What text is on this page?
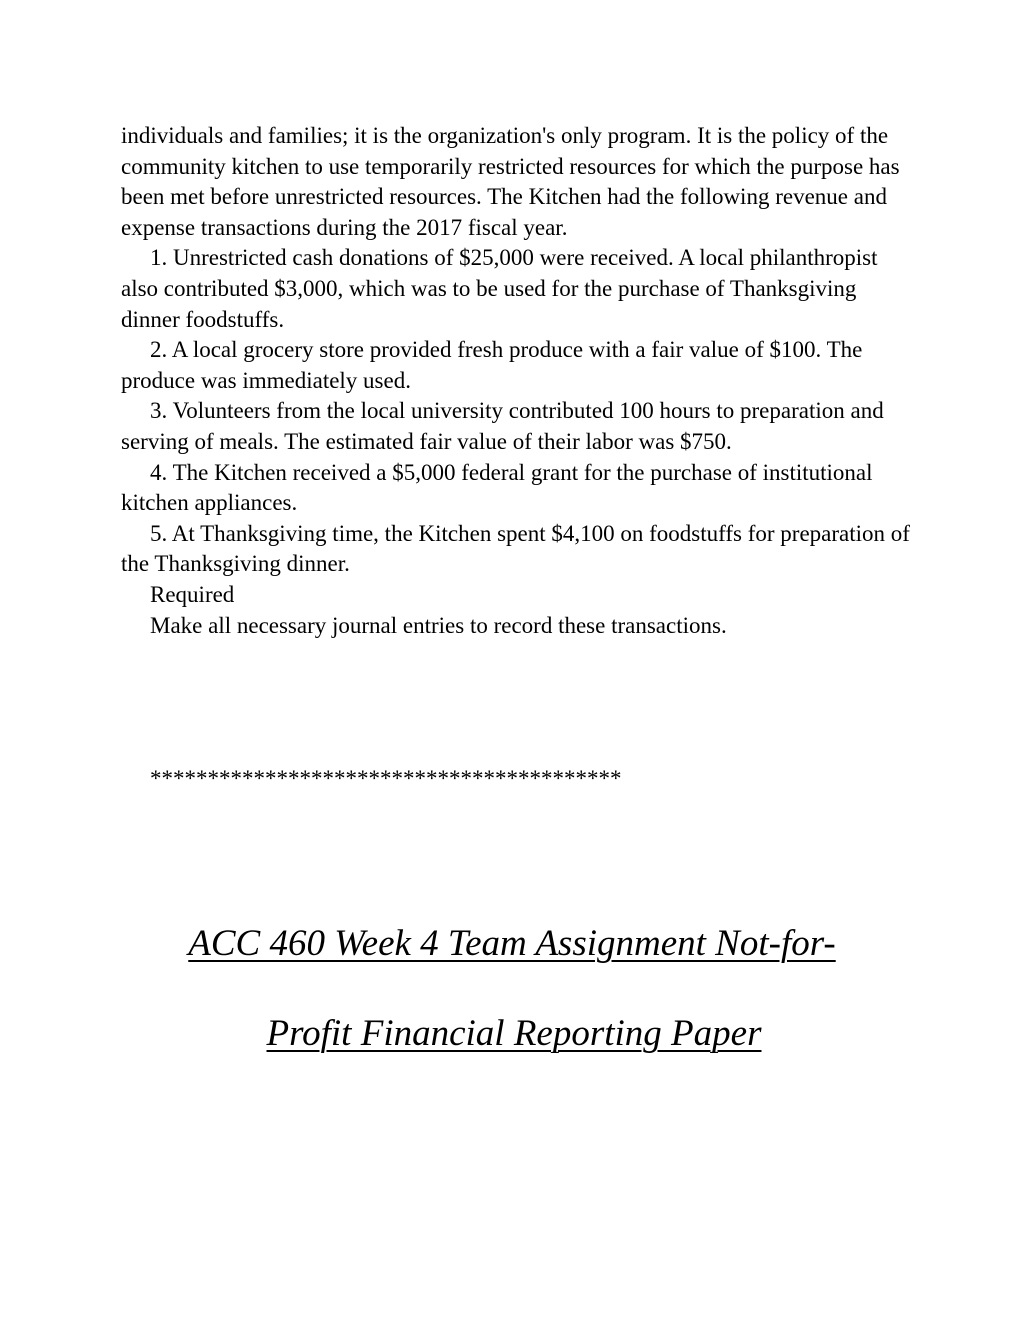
individuals and families; it is the organization's only program. It is the policy of the community kitchen to use temporarily restricted resources for which the purpose has been met before unrestricted resources. The Kitchen had the following revenue and expense transactions during the 2017 fiscal year.

1. Unrestricted cash donations of $25,000 were received. A local philanthropist also contributed $3,000, which was to be used for the purchase of Thanksgiving dinner foodstuffs.

2. A local grocery store provided fresh produce with a fair value of $100. The produce was immediately used.

3. Volunteers from the local university contributed 100 hours to preparation and serving of meals. The estimated fair value of their labor was $750.

4. The Kitchen received a $5,000 federal grant for the purchase of institutional kitchen appliances.

5. At Thanksgiving time, the Kitchen spent $4,100 on foodstuffs for preparation of the Thanksgiving dinner.

Required

Make all necessary journal entries to record these transactions.

*****************************************
ACC 460 Week 4 Team Assignment Not-for-
Profit Financial Reporting Paper
